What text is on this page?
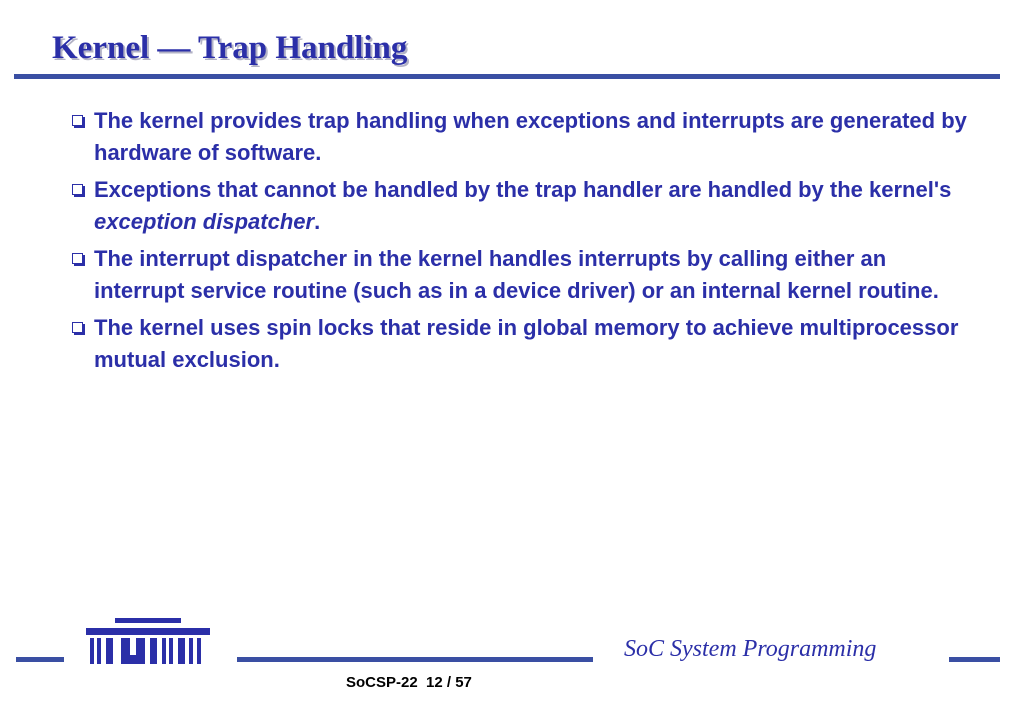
Kernel — Trap Handling
The kernel provides trap handling when exceptions and interrupts are generated by hardware of software.
Exceptions that cannot be handled by the trap handler are handled by the kernel's exception dispatcher.
The interrupt dispatcher in the kernel handles interrupts by calling either an interrupt service routine (such as in a device driver) or an internal kernel routine.
The kernel uses spin locks that reside in global memory to achieve multiprocessor mutual exclusion.

SoC System Programming

SoCSP-22  12 / 57
